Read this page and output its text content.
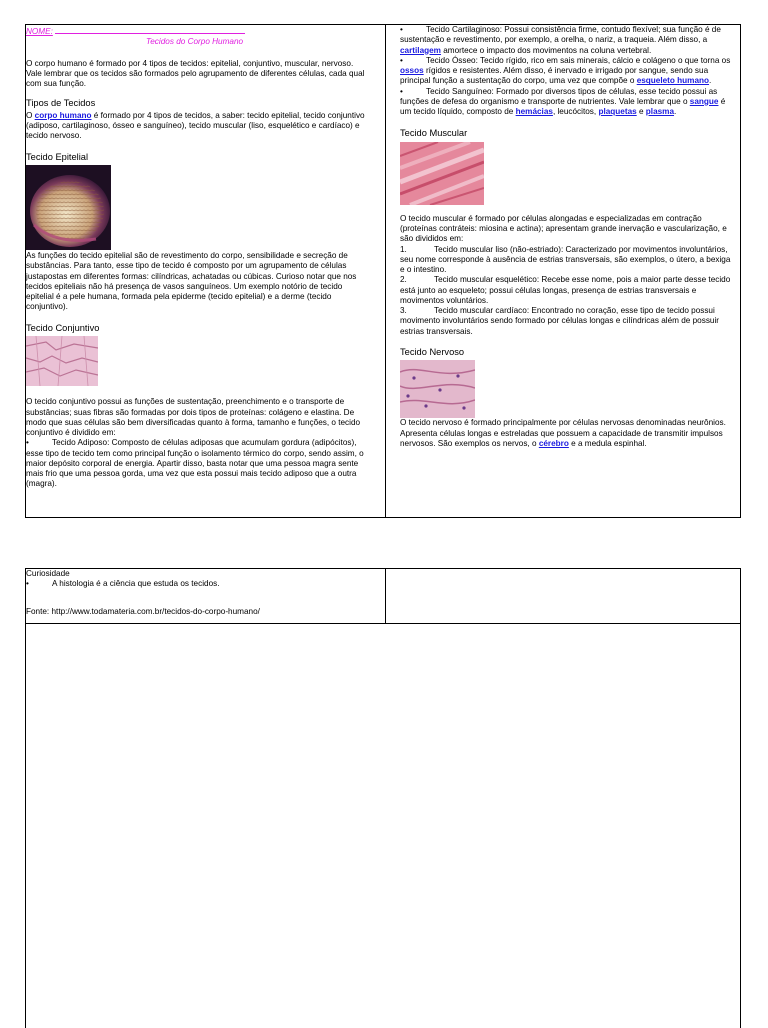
NOME:

Tecidos do Corpo Humano

O corpo humano é formado por 4 tipos de tecidos: epitelial, conjuntivo, muscular, nervoso. Vale lembrar que os tecidos são formados pelo agrupamento de diferentes células, cada qual com sua função.

Tipos de Tecidos

O corpo humano é formado por 4 tipos de tecidos, a saber: tecido epitelial, tecido conjuntivo (adiposo, cartilaginoso, ósseo e sanguíneo), tecido muscular (liso, esquelético e cardíaco) e tecido nervoso.

Tecido Epitelial

As funções do tecido epitelial são de revestimento do corpo, sensibilidade e secreção de substâncias. Para tanto, esse tipo de tecido é composto por um agrupamento de células justapostas em diferentes formas: cilíndricas, achatadas ou cúbicas. Curioso notar que nos tecidos epiteliais não há presença de vasos sanguíneos. Um exemplo notório de tecido epitelial é a pele humana, formada pela epiderme (tecido epitelial) e a derme (tecido conjuntivo).

Tecido Conjuntivo

O tecido conjuntivo possui as funções de sustentação, preenchimento e o transporte de substâncias; suas fibras são formadas por dois tipos de proteínas: colágeno e elastina. De modo que suas células são bem diversificadas quanto à forma, tamanho e funções, o tecido conjuntivo é dividido em:

•	Tecido Adiposo: Composto de células adiposas que acumulam gordura (adipócitos), esse tipo de tecido tem como principal função o isolamento térmico do corpo, sendo assim, o maior depósito corporal de energia. Apartir disso, basta notar que uma pessoa magra sente mais frio que uma pessoa gorda, uma vez que esta possui mais tecido adiposo que a outra (magra).

•	Tecido Cartilaginoso: Possui consistência firme, contudo flexível; sua função é de sustentação e revestimento, por exemplo, a orelha, o nariz, a traqueia. Além disso, a cartilagem amortece o impacto dos movimentos na coluna vertebral.

•	Tecido Ósseo: Tecido rígido, rico em sais minerais, cálcio e colágeno o que torna os ossos rígidos e resistentes. Além disso, é inervado e irrigado por sangue, sendo sua principal função a sustentação do corpo, uma vez que compõe o esqueleto humano.

•	Tecido Sanguíneo: Formado por diversos tipos de células, esse tecido possui as funções de defesa do organismo e transporte de nutrientes. Vale lembrar que o sangue é um tecido líquido, composto de hemácias, leucócitos, plaquetas e plasma.

Tecido Muscular

O tecido muscular é formado por células alongadas e especializadas em contração (proteínas contráteis: miosina e actina); apresentam grande inervação e vascularização, e são divididos em:

1.	Tecido muscular liso (não-estriado): Caracterizado por movimentos involuntários, seu nome corresponde à ausência de estrias transversais, são exemplos, o útero, a bexiga e o intestino.

2.	Tecido muscular esquelético: Recebe esse nome, pois a maior parte desse tecido está junto ao esqueleto; possui células longas, presença de estrias transversais e movimentos voluntários.

3.	Tecido muscular cardíaco: Encontrado no coração, esse tipo de tecido possui movimento involuntários sendo formado por células longas e cilíndricas além de possuir estrias transversais.

Tecido Nervoso

O tecido nervoso é formado principalmente por células nervosas denominadas neurônios. Apresenta células longas e estreladas que possuem a capacidade de transmitir impulsos nervosos. São exemplos os nervos, o cérebro e a medula espinhal.

Curiosidade

•	A histologia é a ciência que estuda os tecidos.

Fonte: http://www.todamateria.com.br/tecidos-do-corpo-humano/
